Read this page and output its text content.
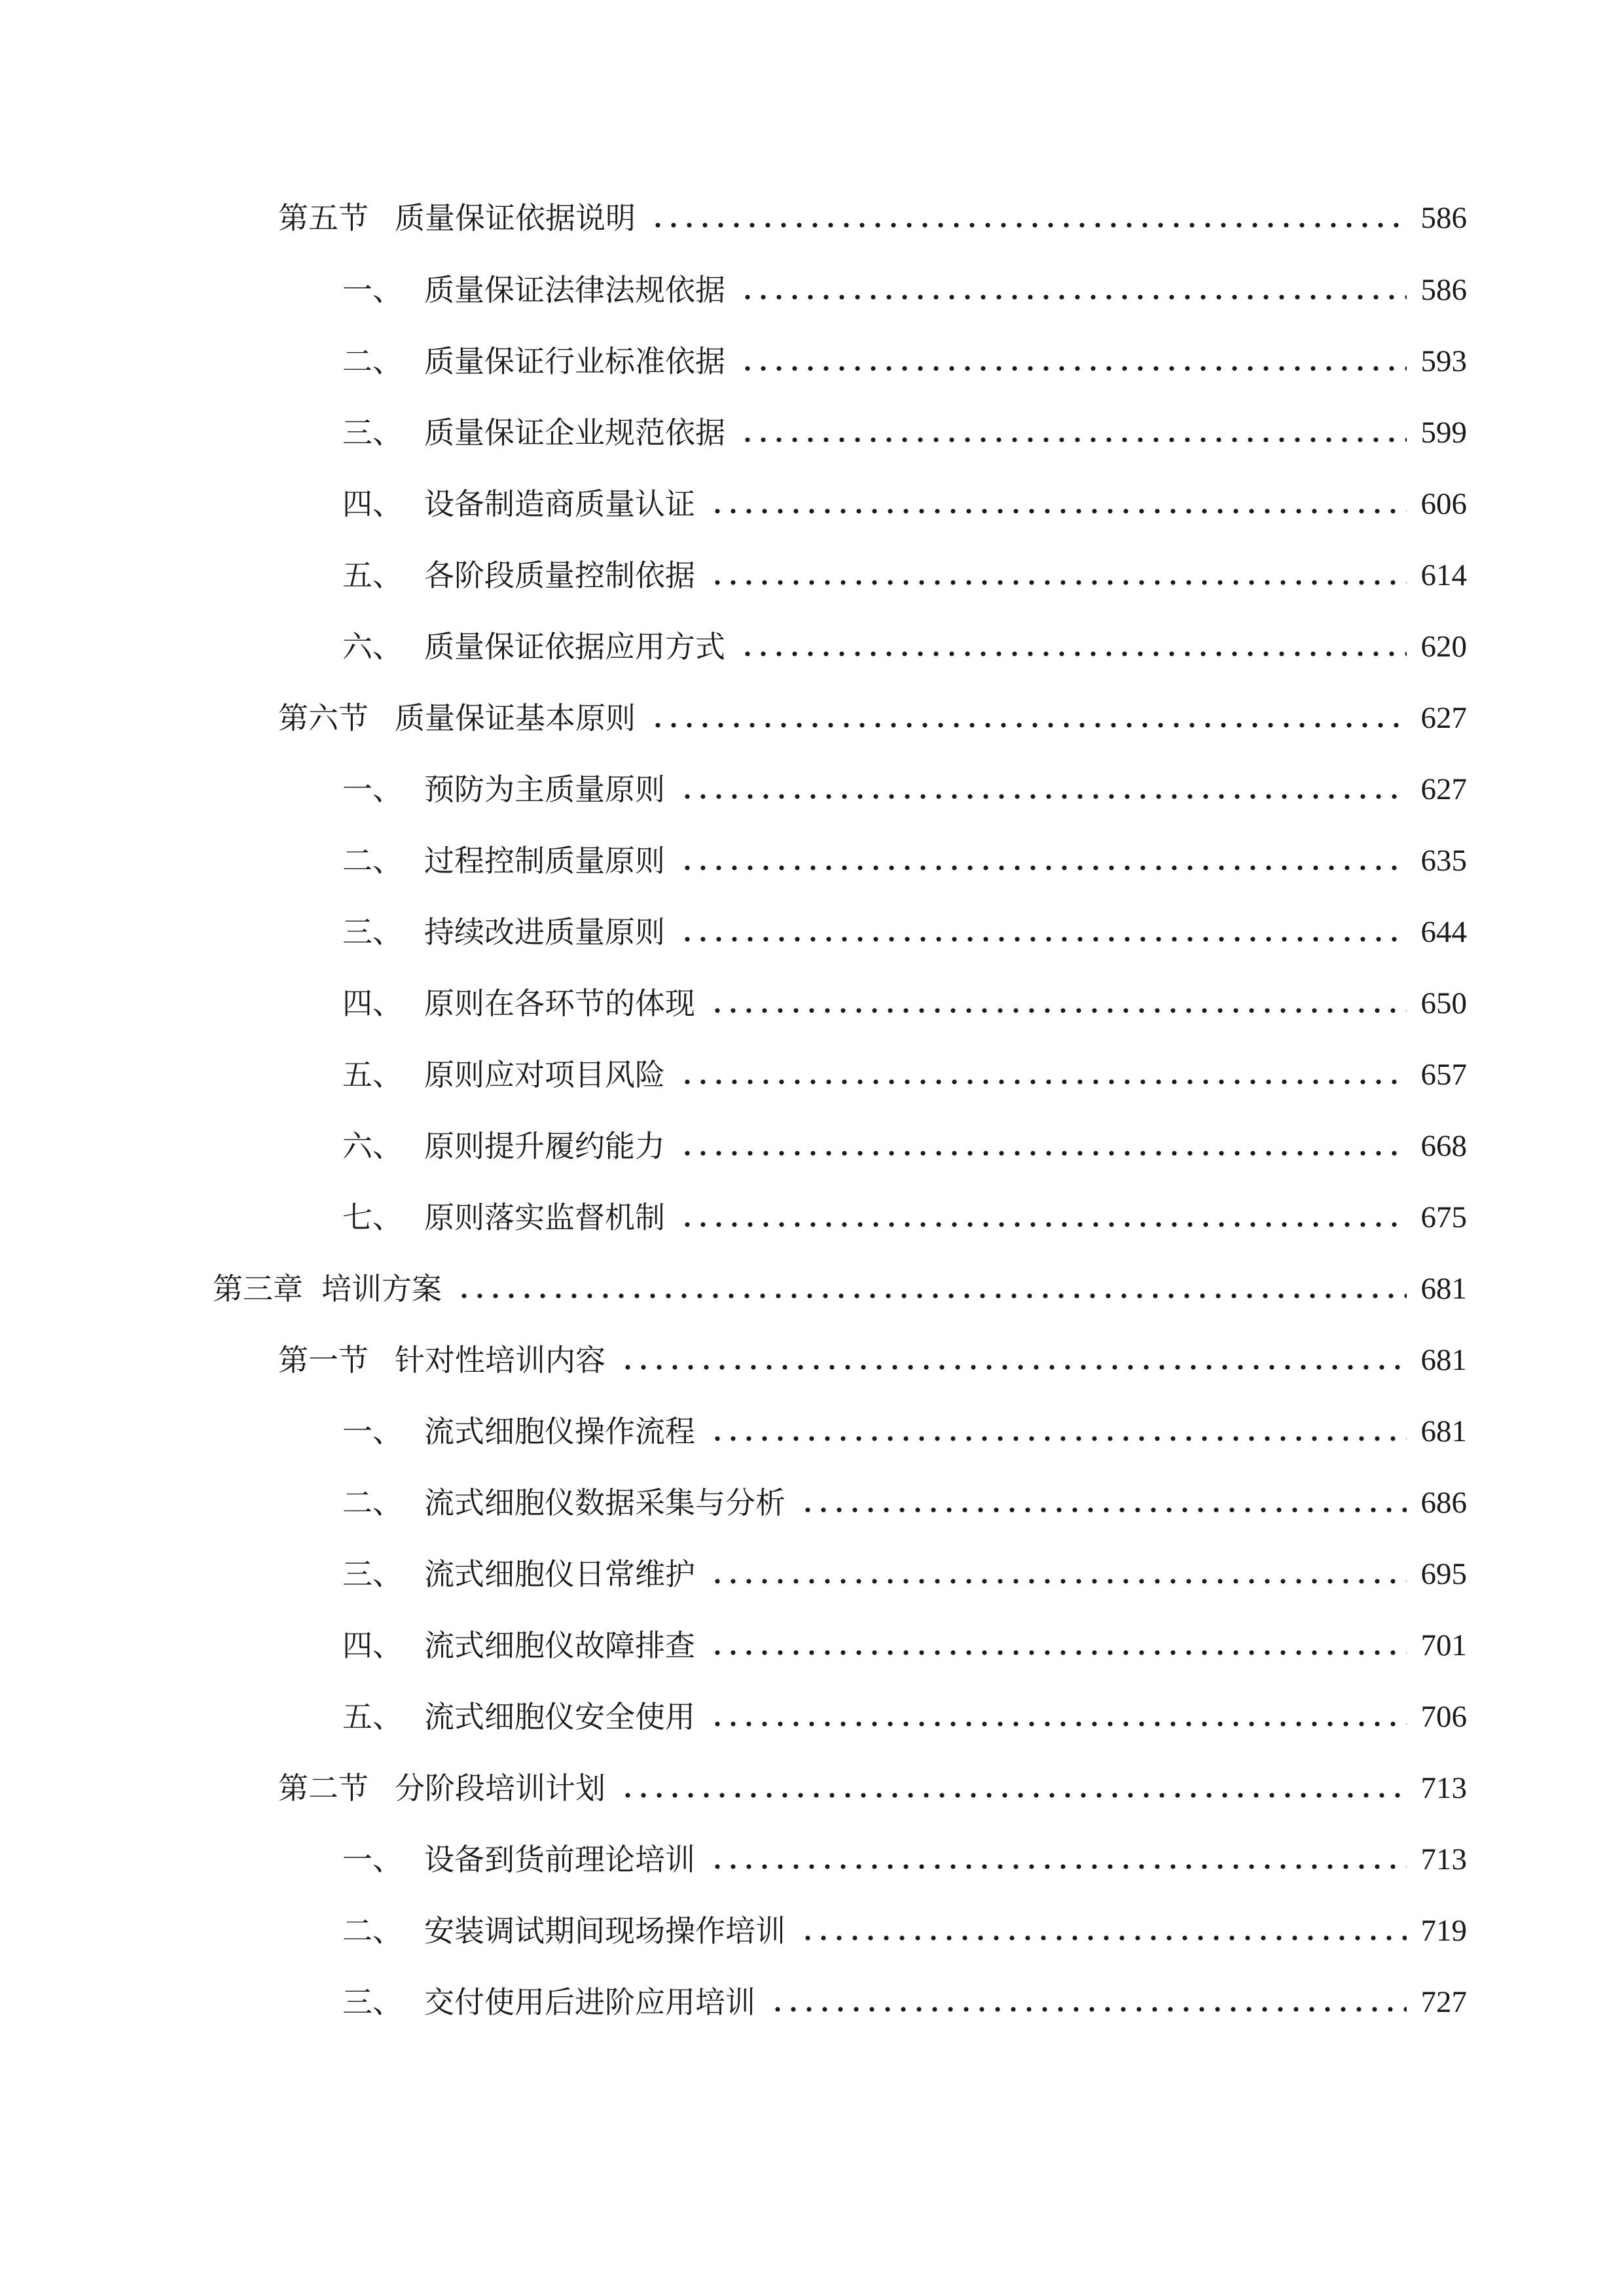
第五节 质量保证依据说明	586
一、 质量保证法律法规依据	586
二、 质量保证行业标准依据	593
三、 质量保证企业规范依据	599
四、 设备制造商质量认证	606
五、 各阶段质量控制依据	614
六、 质量保证依据应用方式	620
第六节 质量保证基本原则	627
一、 预防为主质量原则	627
二、 过程控制质量原则	635
三、 持续改进质量原则	644
四、 原则在各环节的体现	650
五、 原则应对项目风险	657
六、 原则提升履约能力	668
七、 原则落实监督机制	675
第三章 培训方案	681
第一节 针对性培训内容	681
一、 流式细胞仪操作流程	681
二、 流式细胞仪数据采集与分析	686
三、 流式细胞仪日常维护	695
四、 流式细胞仪故障排查	701
五、 流式细胞仪安全使用	706
第二节 分阶段培训计划	713
一、 设备到货前理论培训	713
二、 安装调试期间现场操作培训	719
三、 交付使用后进阶应用培训	727
